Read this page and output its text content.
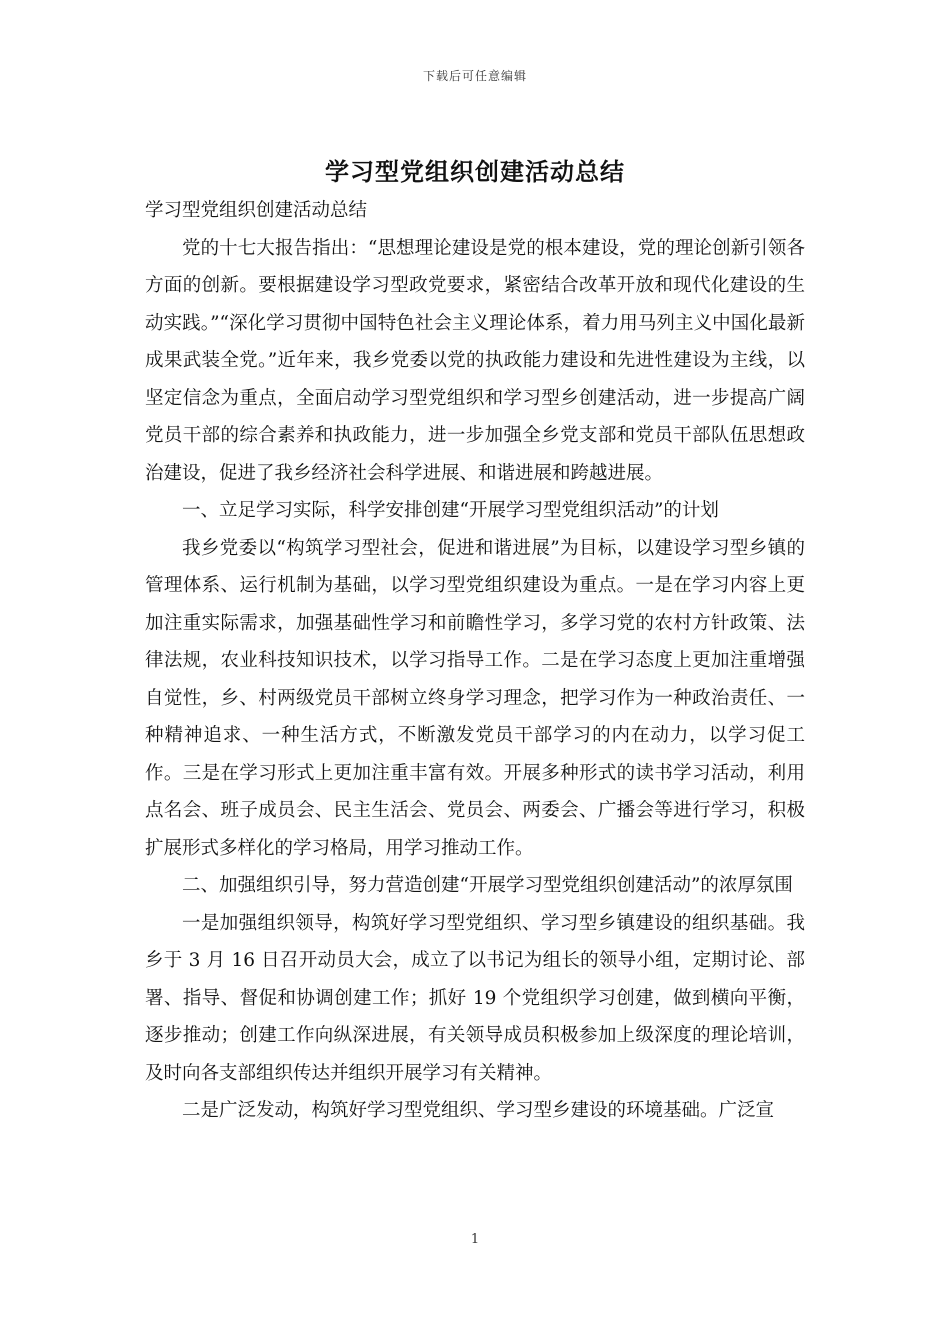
下载后可任意编辑
学习型党组织创建活动总结

学习型党组织创建活动总结

党的十七大报告指出：“思想理论建设是党的根本建设，党的理论创新引领各方面的创新。要根据建设学习型政党要求，紧密结合改革开放和现代化建设的生动实践。”“深化学习贯彻中国特色社会主义理论体系，着力用马列主义中国化最新成果武装全党。”近年来，我乡党委以党的执政能力建设和先进性建设为主线，以坚定信念为重点，全面启动学习型党组织和学习型乡创建活动，进一步提高广阔党员干部的综合素养和执政能力，进一步加强全乡党支部和党员干部队伍思想政治建设，促进了我乡经济社会科学进展、和谐进展和跨越进展。

一、立足学习实际，科学安排创建“开展学习型党组织活动”的计划

我乡党委以“构筑学习型社会，促进和谐进展”为目标，以建设学习型乡镇的管理体系、运行机制为基础，以学习型党组织建设为重点。一是在学习内容上更加注重实际需求，加强基础性学习和前瞻性学习，多学习党的农村方针政策、法律法规，农业科技知识技术，以学习指导工作。二是在学习态度上更加注重增强自觉性，乡、村两级党员干部树立终身学习理念，把学习作为一种政治责任、一种精神追求、一种生活方式，不断激发党员干部学习的内在动力，以学习促工作。三是在学习形式上更加注重丰富有效。开展多种形式的读书学习活动，利用点名会、班子成员会、民主生活会、党员会、两委会、广播会等进行学习，积极扩展形式多样化的学习格局，用学习推动工作。

二、加强组织引导，努力营造创建“开展学习型党组织创建活动”的浓厚氛围

一是加强组织领导，构筑好学习型党组织、学习型乡镇建设的组织基础。我乡于 3 月 16 日召开动员大会，成立了以书记为组长的领导小组，定期讨论、部署、指导、督促和协调创建工作；抓好 19 个党组织学习创建，做到横向平衡，逐步推动；创建工作向纵深进展，有关领导成员积极参加上级深度的理论培训，及时向各支部组织传达并组织开展学习有关精神。

二是广泛发动，构筑好学习型党组织、学习型乡建设的环境基础。广泛宣

1
